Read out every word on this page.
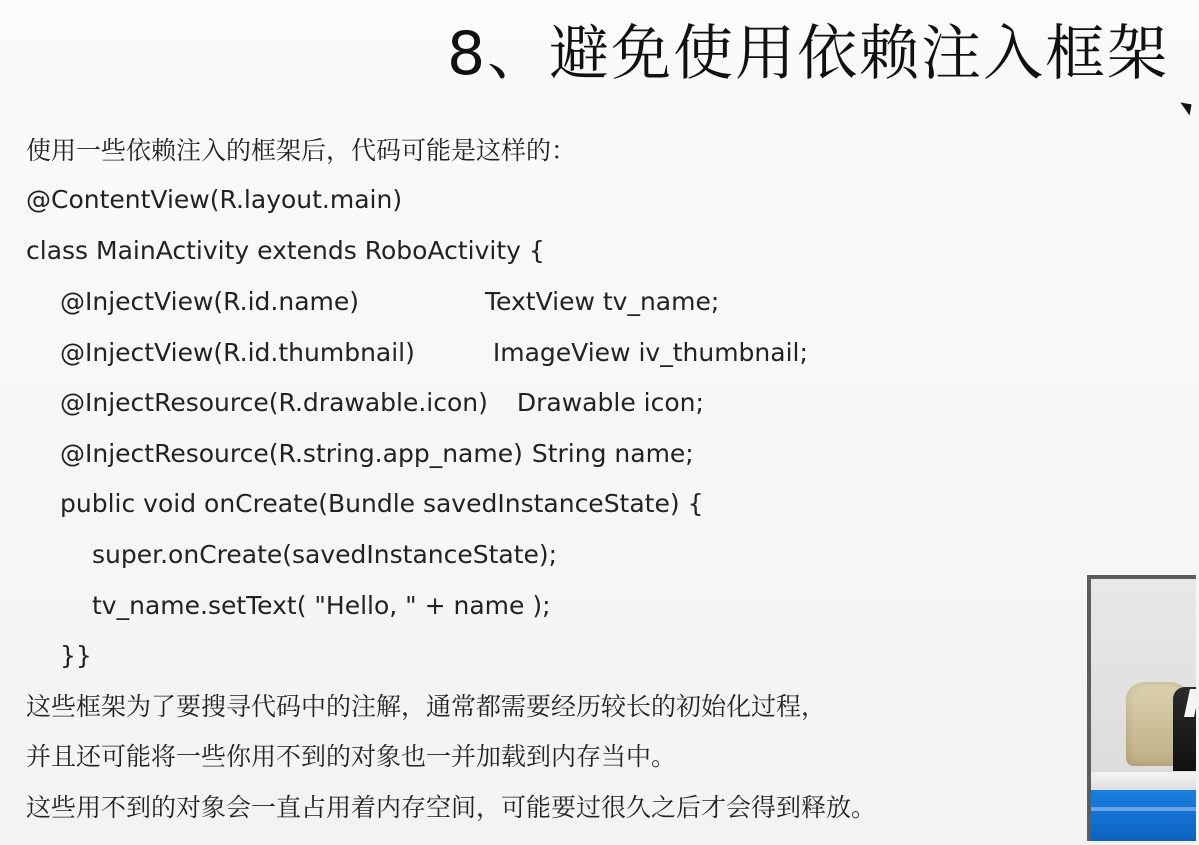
8、避免使用依赖注入框架
使用一些依赖注入的框架后，代码可能是这样的：
@ContentView(R.layout.main)
class MainActivity extends RoboActivity {
@InjectView(R.id.name)	TextView tv_name;
@InjectView(R.id.thumbnail)	ImageView iv_thumbnail;
@InjectResource(R.drawable.icon) Drawable icon;
@InjectResource(R.string.app_name) String name;
public void onCreate(Bundle savedInstanceState) {
super.onCreate(savedInstanceState);
tv_name.setText( "Hello, " + name );
}}
这些框架为了要搜寻代码中的注解，通常都需要经历较长的初始化过程，
并且还可能将一些你用不到的对象也一并加载到内存当中。
这些用不到的对象会一直占用着内存空间，可能要过很久之后才会得到释放。
